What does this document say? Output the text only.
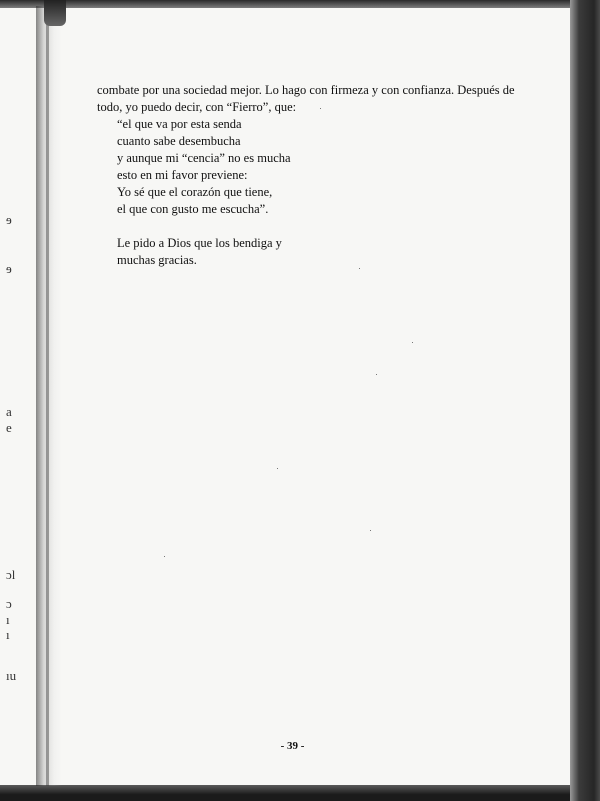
ɘ
ɘ
a
e
ɔl
ɔ
ı
ı
ıu

combate por una sociedad mejor. Lo hago con firmeza y con confianza. Después de todo, yo puedo decir, con “Fierro”, que:

“el que va por esta senda
cuanto sabe desembucha
y aunque mi “cencia” no es mucha
esto en mi favor previene:
Yo sé que el corazón que tiene,
el que con gusto me escucha”.
Le pido a Dios que los bendiga y
muchas gracias.
- 39 -
